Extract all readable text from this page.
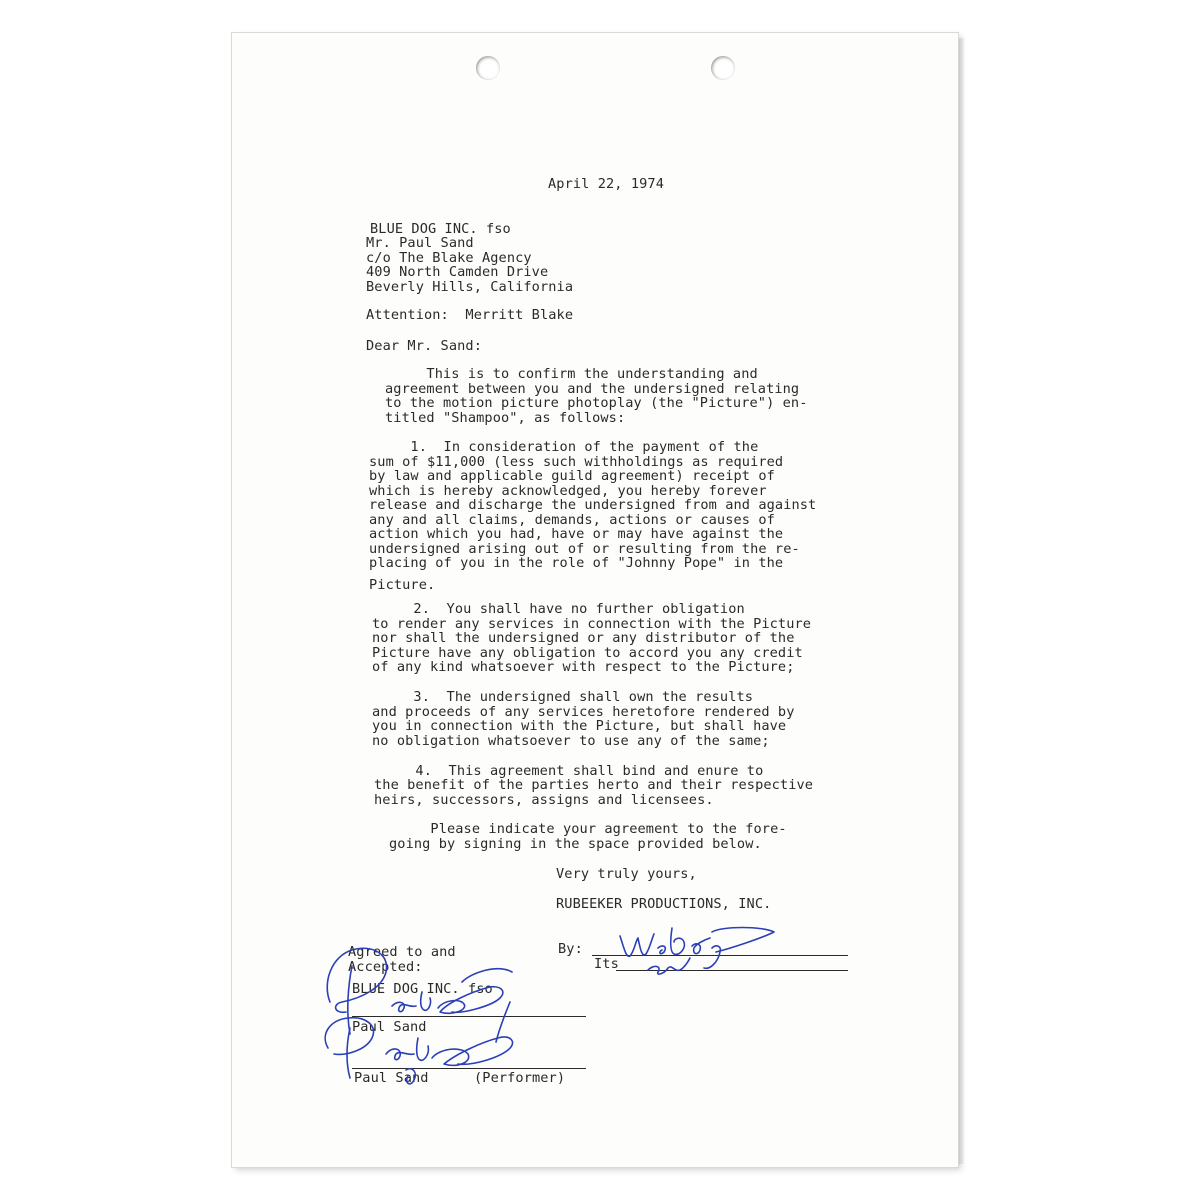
April 22, 1974

BLUE DOG INC. fso

Mr. Paul Sand

c/o The Blake Agency

409 North Camden Drive

Beverly Hills, California

Attention:  Merritt Blake

Dear Mr. Sand:

This is to confirm the understanding and

agreement between you and the undersigned relating

to the motion picture photoplay (the "Picture") en-

titled "Shampoo", as follows:

1.  In consideration of the payment of the

sum of $11,000 (less such withholdings as required

by law and applicable guild agreement) receipt of

which is hereby acknowledged, you hereby forever

release and discharge the undersigned from and against

any and all claims, demands, actions or causes of

action which you had, have or may have against the

undersigned arising out of or resulting from the re-

placing of you in the role of "Johnny Pope" in the

Picture.

2.  You shall have no further obligation

to render any services in connection with the Picture

nor shall the undersigned or any distributor of the

Picture have any obligation to accord you any credit

of any kind whatsoever with respect to the Picture;

3.  The undersigned shall own the results

and proceeds of any services heretofore rendered by

you in connection with the Picture, but shall have

no obligation whatsoever to use any of the same;

4.  This agreement shall bind and enure to

the benefit of the parties herto and their respective

heirs, successors, assigns and licensees.

Please indicate your agreement to the fore-

going by signing in the space provided below.

Very truly yours,

RUBEEKER PRODUCTIONS, INC.

By:

Its

Agreed to and

Accepted:

BLUE DOG INC. fso

Paul Sand

Paul Sand	(Performer)
